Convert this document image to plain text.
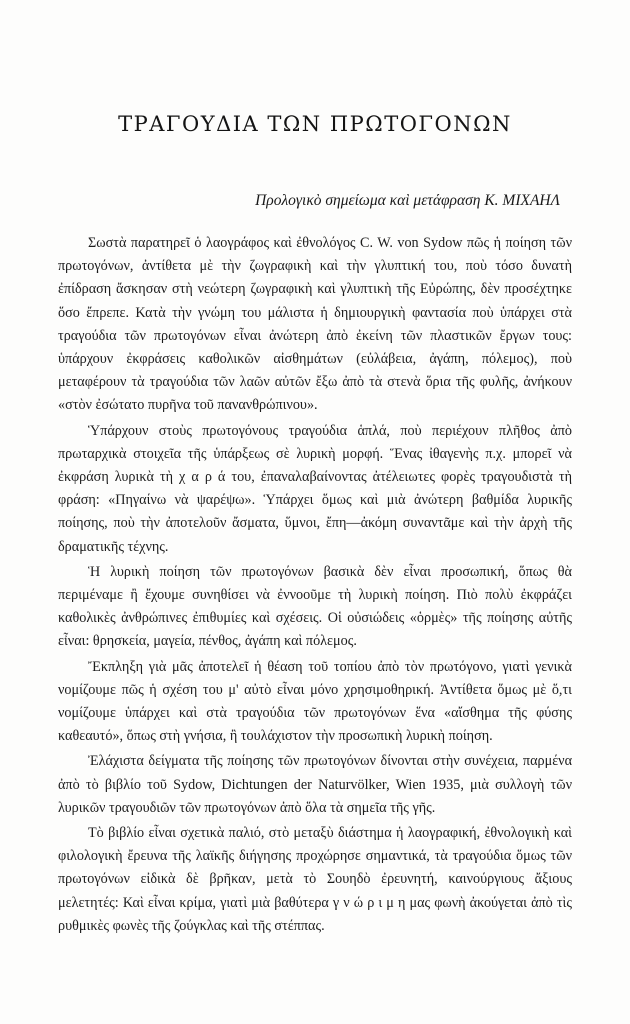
ΤΡΑΓΟΥΔΙΑ ΤΩΝ ΠΡΩΤΟΓΟΝΩΝ

Προλογικὸ σημείωμα καὶ μετάφραση Κ. ΜΙΧΑΗΛ

Σωστὰ παρατηρεῖ ὁ λαογράφος καὶ ἐθνολόγος C. W. von Sydow πῶς ἡ ποίηση τῶν πρωτογόνων, ἀντίθετα μὲ τὴν ζωγραφικὴ καὶ τὴν γλυπτική του, ποὺ τόσο δυνατὴ ἐπίδραση ἄσκησαν στὴ νεώτερη ζωγραφικὴ καὶ γλυπτικὴ τῆς Εὐρώπης, δὲν προσέχτηκε ὅσο ἔπρεπε. Κατὰ τὴν γνώμη του μάλιστα ἡ δημιουργικὴ φαντασία ποὺ ὑπάρχει στὰ τραγούδια τῶν πρωτογόνων εἶναι ἀνώτερη ἀπὸ ἐκείνη τῶν πλαστικῶν ἔργων τους: ὑπάρχουν ἐκφράσεις καθολικῶν αἰσθημάτων (εὐλάβεια, ἀγάπη, πόλεμος), ποὺ μεταφέρουν τὰ τραγούδια τῶν λαῶν αὐτῶν ἔξω ἀπὸ τὰ στενὰ ὅρια τῆς φυλῆς, ἀνήκουν «στὸν ἐσώτατο πυρῆνα τοῦ πανανθρώπινου».

Ὑπάρχουν στοὺς πρωτογόνους τραγούδια ἁπλά, ποὺ περιέχουν πλῆθος ἀπὸ πρωταρχικὰ στοιχεῖα τῆς ὑπάρξεως σὲ λυρικὴ μορφή. Ἕνας ἰθαγενὴς π.χ. μπορεῖ νὰ ἐκφράση λυρικὰ τὴ χ α ρ ά του, ἐπαναλαβαίνοντας ἀτέλειωτες φορὲς τραγουδιστὰ τὴ φράση: «Πηγαίνω νὰ ψαρέψω». Ὑπάρχει ὅμως καὶ μιὰ ἀνώτερη βαθμίδα λυρικῆς ποίησης, ποὺ τὴν ἀποτελοῦν ἄσματα, ὕμνοι, ἔπη—ἀκόμη συναντᾶμε καὶ τὴν ἀρχὴ τῆς δραματικῆς τέχνης.

Ἡ λυρικὴ ποίηση τῶν πρωτογόνων βασικὰ δὲν εἶναι προσωπική, ὅπως θὰ περιμέναμε ἢ ἔχουμε συνηθίσει νὰ ἐννοοῦμε τὴ λυρικὴ ποίηση. Πιὸ πολὺ ἐκφράζει καθολικὲς ἀνθρώπινες ἐπιθυμίες καὶ σχέσεις. Οἱ οὐσιώδεις «ὁρμὲς» τῆς ποίησης αὐτῆς εἶναι: θρησκεία, μαγεία, πένθος, ἀγάπη καὶ πόλεμος.

Ἔκπληξη γιὰ μᾶς ἀποτελεῖ ἡ θέαση τοῦ τοπίου ἀπὸ τὸν πρωτόγονο, γιατὶ γενικὰ νομίζουμε πῶς ἡ σχέση του μ' αὐτὸ εἶναι μόνο χρησιμοθηρική. Ἀντίθετα ὅμως μὲ ὅ,τι νομίζουμε ὑπάρχει καὶ στὰ τραγούδια τῶν πρωτογόνων ἕνα «αἴσθημα τῆς φύσης καθεαυτό», ὅπως στὴ γνήσια, ἢ τουλάχιστον τὴν προσωπικὴ λυρικὴ ποίηση.

Ἐλάχιστα δείγματα τῆς ποίησης τῶν πρωτογόνων δίνονται στὴν συνέχεια, παρμένα ἀπὸ τὸ βιβλίο τοῦ Sydow, Dichtungen der Naturvölker, Wien 1935, μιὰ συλλογὴ τῶν λυρικῶν τραγουδιῶν τῶν πρωτογόνων ἀπὸ ὅλα τὰ σημεῖα τῆς γῆς.

Τὸ βιβλίο εἶναι σχετικὰ παλιό, στὸ μεταξὺ διάστημα ἡ λαογραφική, ἐθνολογικὴ καὶ φιλολογικὴ ἔρευνα τῆς λαϊκῆς διήγησης προχώρησε σημαντικά, τὰ τραγούδια ὅμως τῶν πρωτογόνων εἰδικὰ δὲ βρῆκαν, μετὰ τὸ Σουηδὸ ἐρευνητή, καινούργιους ἄξιους μελετητές: Καὶ εἶναι κρίμα, γιατὶ μιὰ βαθύτερα γ ν ώ ρ ι μ η μας φωνὴ ἀκούγεται ἀπὸ τὶς ρυθμικὲς φωνὲς τῆς ζούγκλας καὶ τῆς στέππας.
